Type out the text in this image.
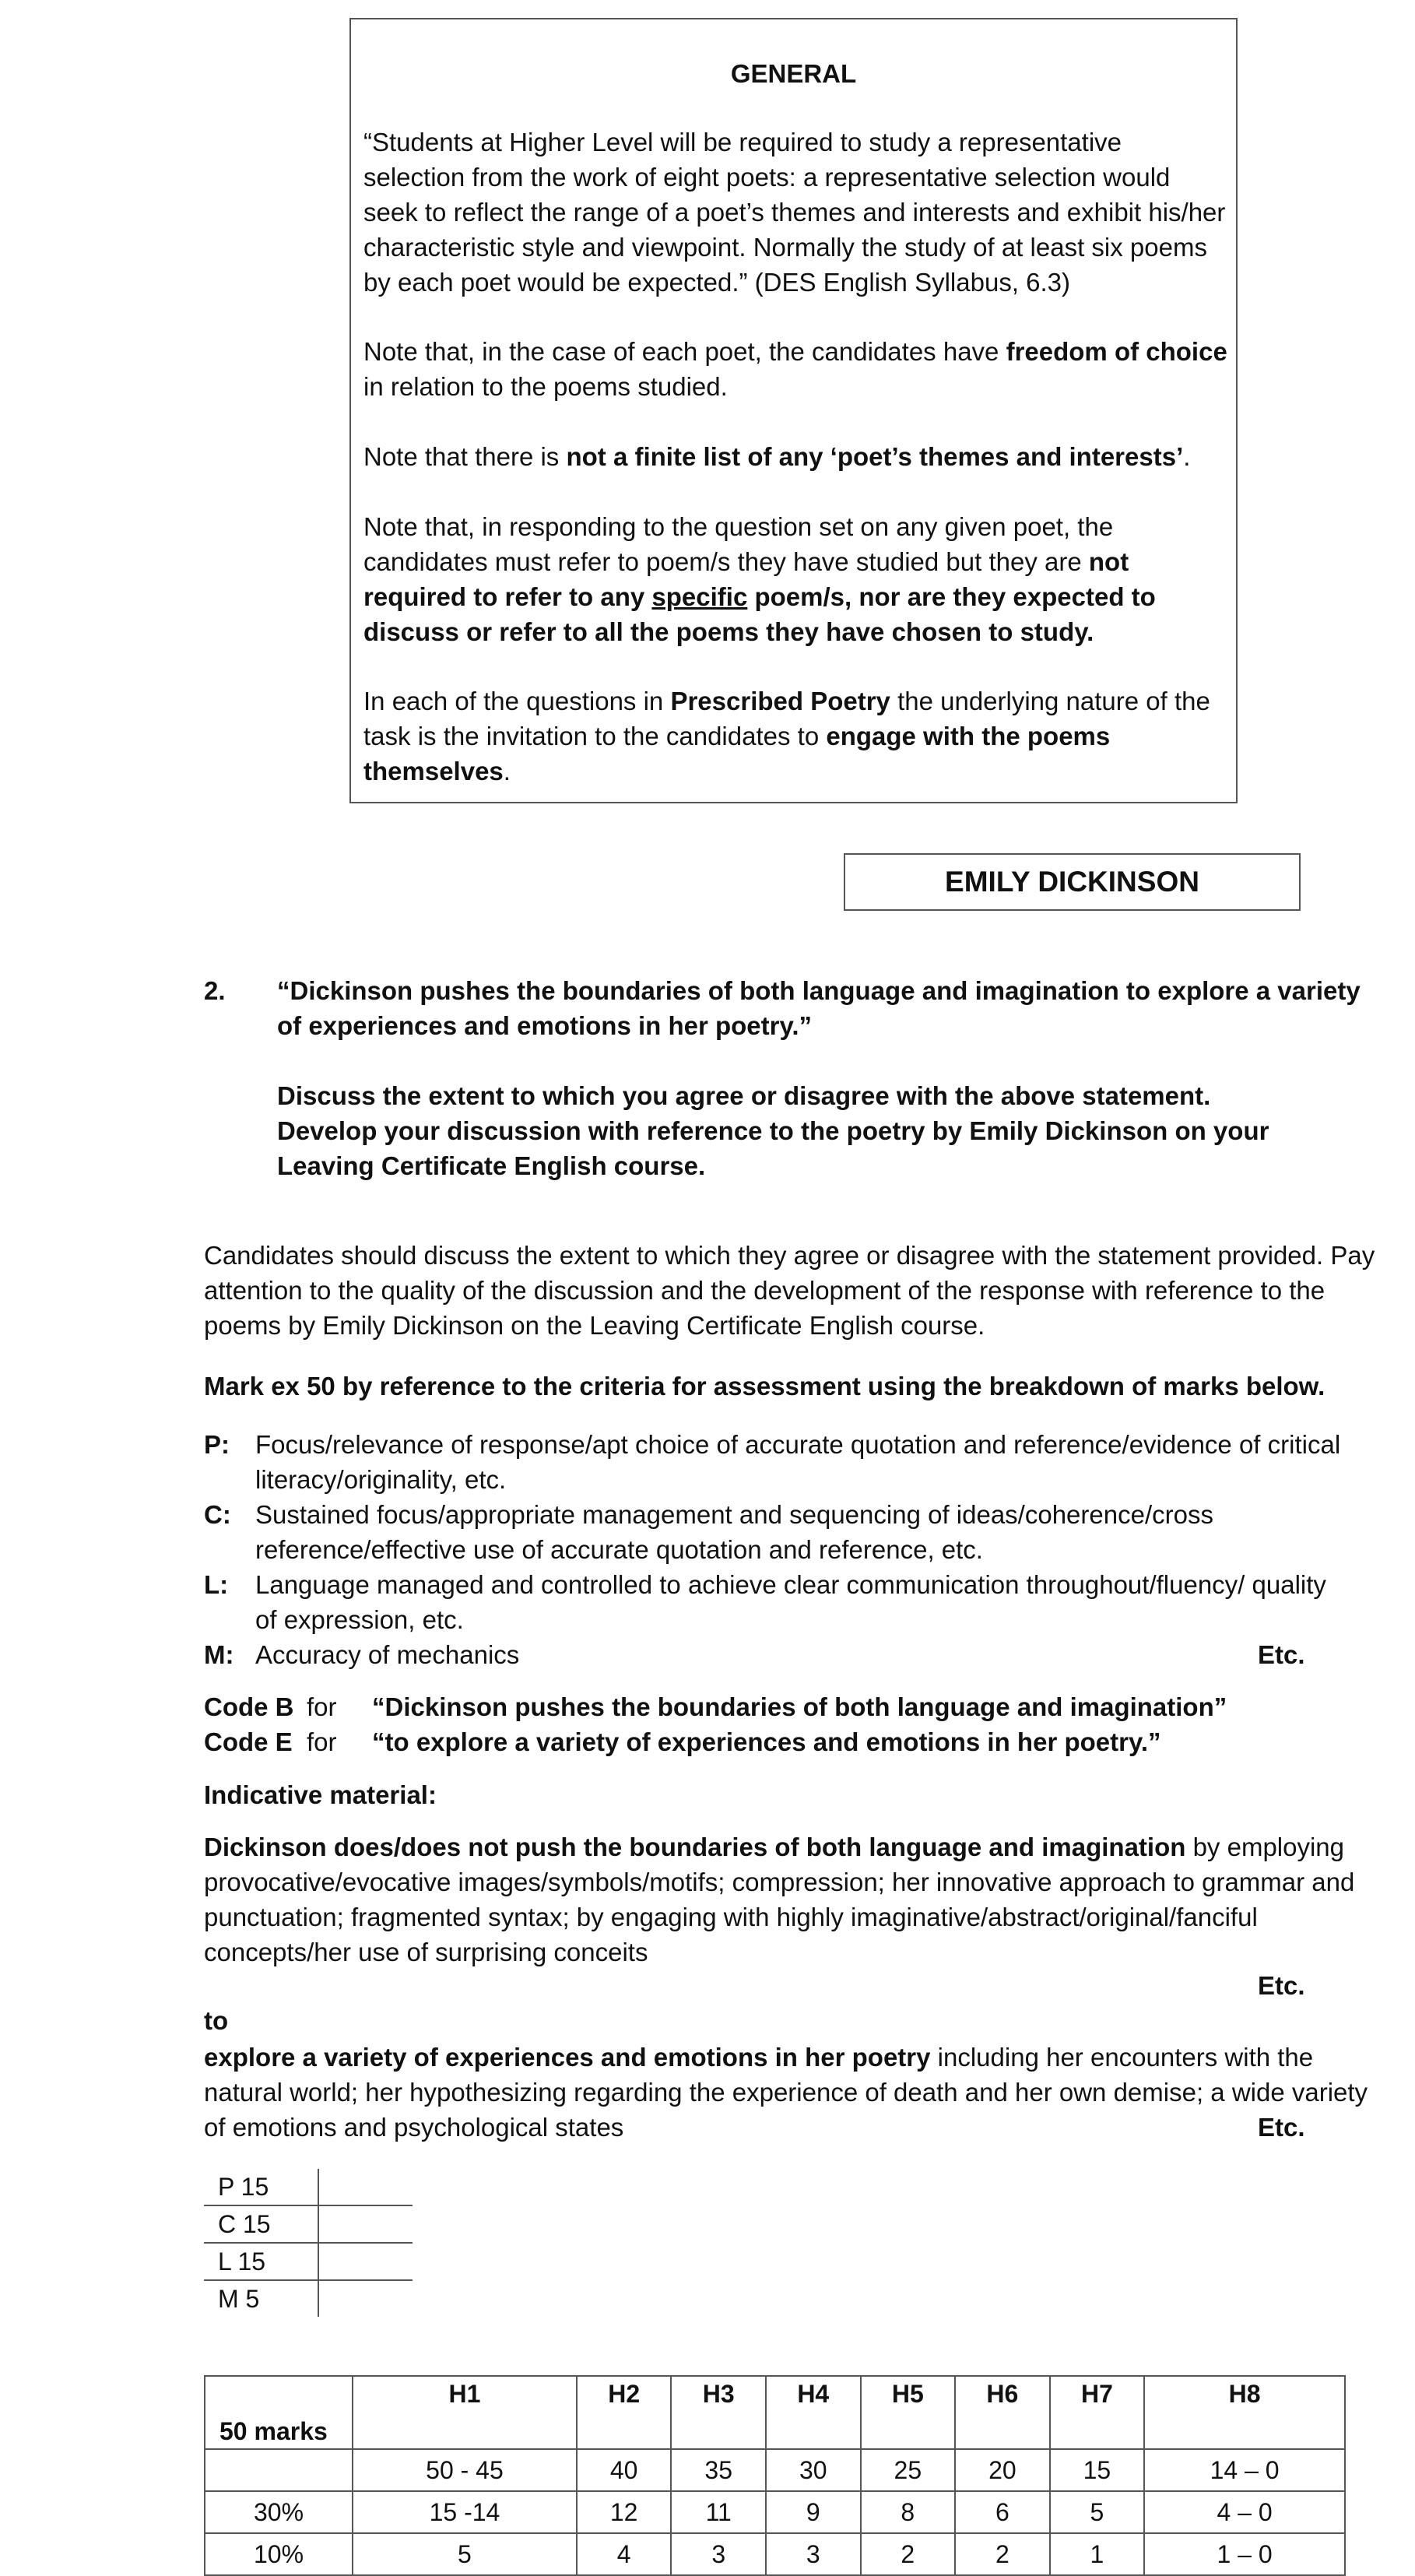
GENERAL

“Students at Higher Level will be required to study a representative selection from the work of eight poets: a representative selection would seek to reflect the range of a poet’s themes and interests and exhibit his/her characteristic style and viewpoint. Normally the study of at least six poems by each poet would be expected.” (DES English Syllabus, 6.3)

Note that, in the case of each poet, the candidates have freedom of choice in relation to the poems studied.

Note that there is not a finite list of any ‘poet’s themes and interests’.

Note that, in responding to the question set on any given poet, the candidates must refer to poem/s they have studied but they are not required to refer to any specific poem/s, nor are they expected to discuss or refer to all the poems they have chosen to study.

In each of the questions in Prescribed Poetry the underlying nature of the task is the invitation to the candidates to engage with the poems themselves.

EMILY DICKINSON
2. “Dickinson pushes the boundaries of both language and imagination to explore a variety of experiences and emotions in her poetry.”

Discuss the extent to which you agree or disagree with the above statement.

Develop your discussion with reference to the poetry by Emily Dickinson on your Leaving Certificate English course.

Candidates should discuss the extent to which they agree or disagree with the statement provided. Pay attention to the quality of the discussion and the development of the response with reference to the poems by Emily Dickinson on the Leaving Certificate English course.

Mark ex 50 by reference to the criteria for assessment using the breakdown of marks below.

P: Focus/relevance of response/apt choice of accurate quotation and reference/evidence of critical literacy/originality, etc.

C: Sustained focus/appropriate management and sequencing of ideas/coherence/cross reference/effective use of accurate quotation and reference, etc.

L: Language managed and controlled to achieve clear communication throughout/fluency/ quality of expression, etc.

M: Accuracy of mechanics	Etc.
Code B for “Dickinson pushes the boundaries of both language and imagination”
Code E for “to explore a variety of experiences and emotions in her poetry.”
Indicative material:

Dickinson does/does not push the boundaries of both language and imagination by employing provocative/evocative images/symbols/motifs; compression; her innovative approach to grammar and punctuation; fragmented syntax; by engaging with highly imaginative/abstract/original/fanciful concepts/her use of surprising conceits

Etc.
to

explore a variety of experiences and emotions in her poetry including her encounters with the natural world; her hypothesizing regarding the experience of death and her own demise; a wide variety of emotions and psychological states	Etc.
P 15	
C 15	
L 15	
M 5	
50 marks	H1	H2	H3	H4	H5	H6	H7	H8
	50 - 45	40	35	30	25	20	15	14 – 0
30%	15 -14	12	11	9	8	6	5	4 – 0
10%	5	4	3	3	2	2	1	1 – 0
